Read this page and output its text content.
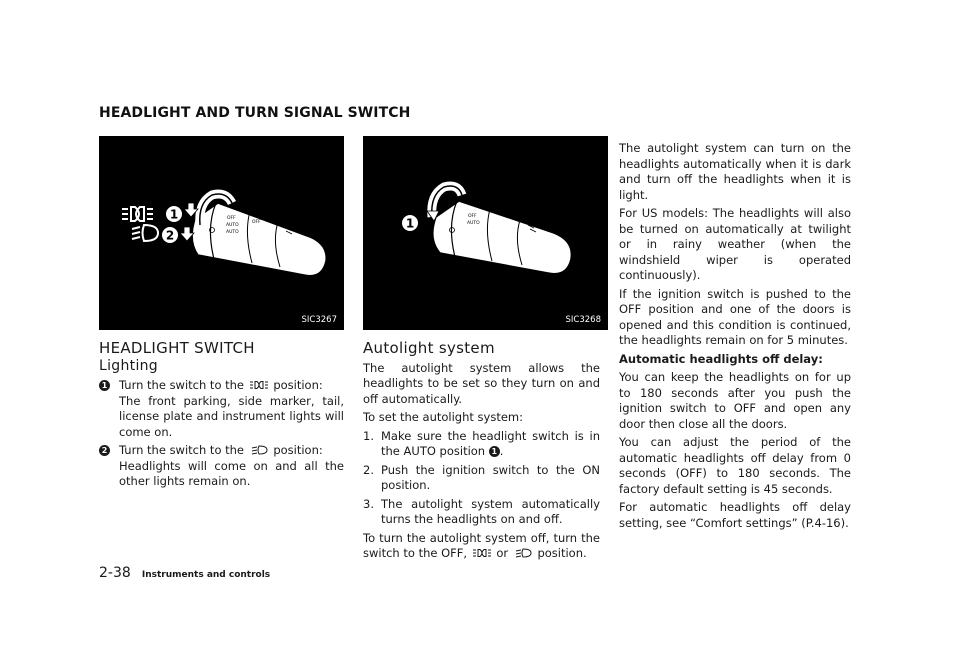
HEADLIGHT AND TURN SIGNAL SWITCH
OFF
AUTO
OFF
AUTO
1
2
SIC3267
OFF
AUTO
1
SIC3268
HEADLIGHT SWITCH
Lighting
1 Turn the switch to the	position:
The front parking, side marker, tail, license plate and instrument lights will come on.
2 Turn the switch to the	position:
Headlights will come on and all the other lights remain on.
Autolight system

The autolight system allows the headlights to be set so they turn on and off automatically.

To set the autolight system:

1. Make sure the headlight switch is in the AUTO position 1 .
2. Push the ignition switch to the ON position.
3. The autolight system automatically turns the headlights on and off.

To turn the autolight system off, turn the switch to the OFF,	or	position.

The autolight system can turn on the headlights automatically when it is dark and turn off the headlights when it is light.

For US models: The headlights will also be turned on automatically at twilight or in rainy weather (when the windshield wiper is operated continuously).

If the ignition switch is pushed to the OFF position and one of the doors is opened and this condition is continued, the headlights remain on for 5 minutes.

Automatic headlights off delay:

You can keep the headlights on for up to 180 seconds after you push the ignition switch to OFF and open any door then close all the doors.

You can adjust the period of the automatic headlights off delay from 0 seconds (OFF) to 180 seconds. The factory default setting is 45 seconds.

For automatic headlights off delay setting, see “Comfort settings” (P.4-16).

2-38 Instruments and controls
